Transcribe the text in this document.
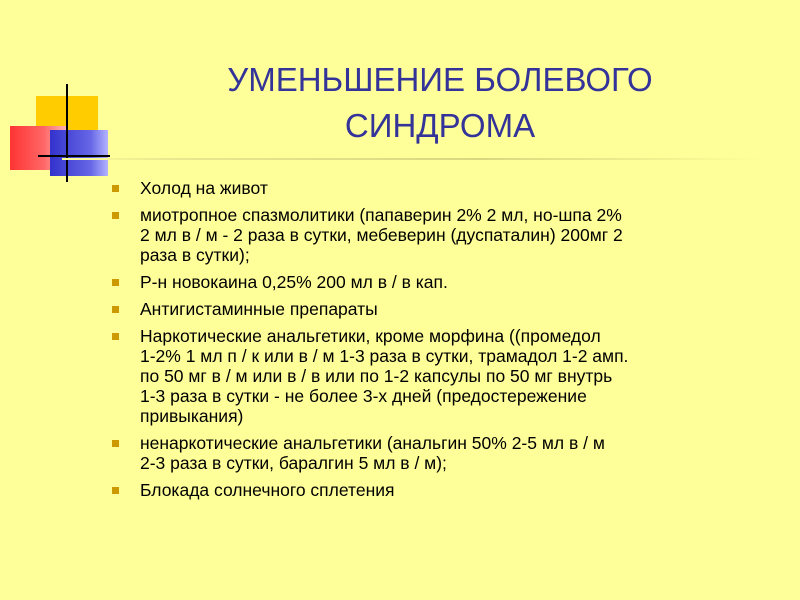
УМЕНЬШЕНИЕ БОЛЕВОГО
СИНДРОМА
Холод на живот
миотропное спазмолитики (папаверин 2% 2 мл, но-шпа 2%
2 мл в / м - 2 раза в сутки, мебеверин (дуспаталин) 200мг 2
раза в сутки);
Р-н новокаина 0,25% 200 мл в / в кап.
Антигистаминные препараты
Наркотические анальгетики, кроме морфина ((промедол
1-2% 1 мл п / к или в / м 1-3 раза в сутки, трамадол 1-2 амп.
по 50 мг в / м или в / в или по 1-2 капсулы по 50 мг внутрь
1-3 раза в сутки - не более 3-х дней (предостережение
привыкания)
ненаркотические анальгетики (анальгин 50% 2-5 мл в / м
2-3 раза в сутки, баралгин 5 мл в / м);
Блокада солнечного сплетения
